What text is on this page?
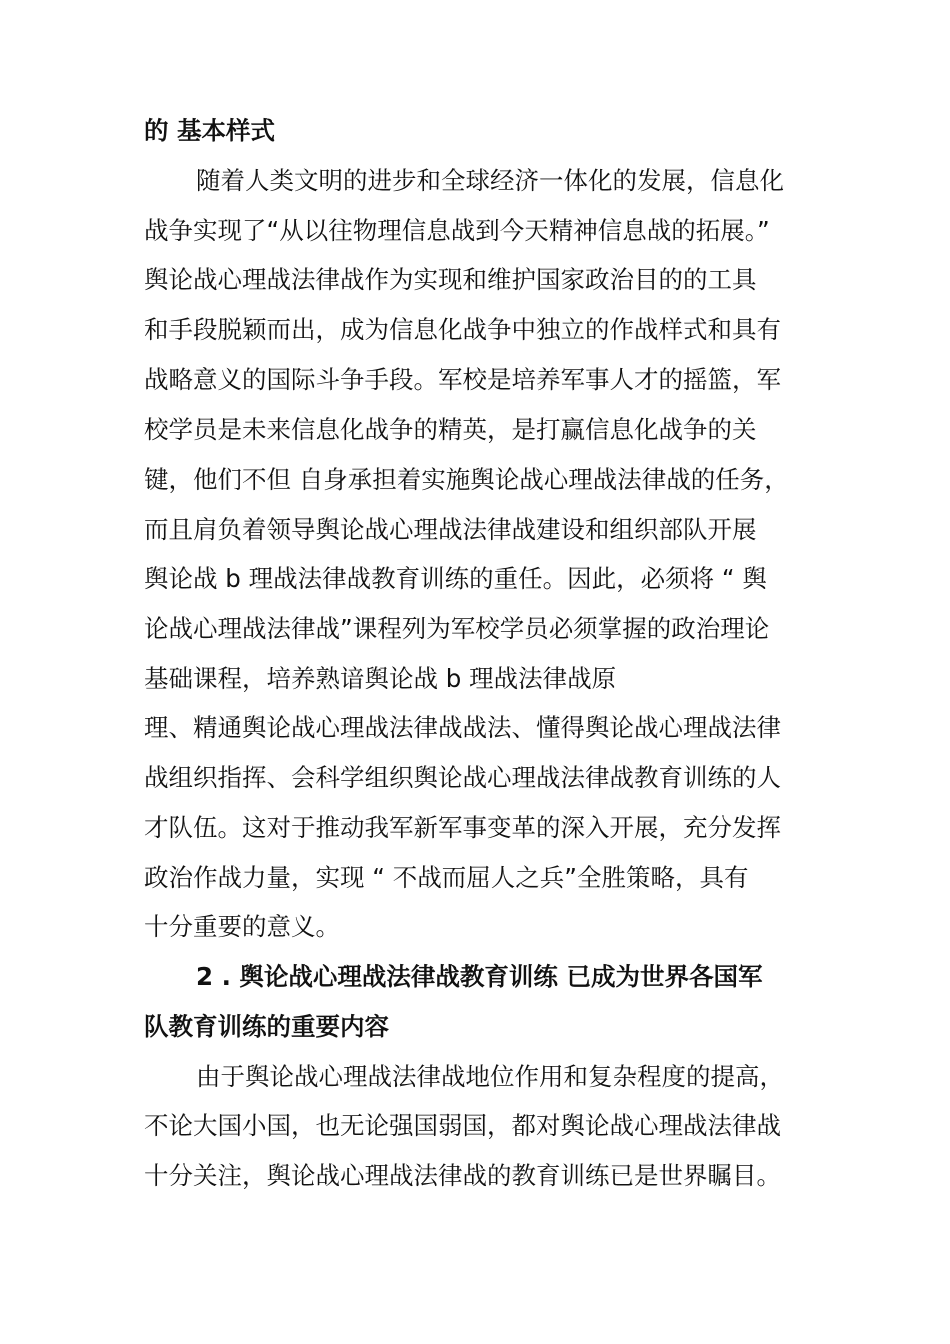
的 基本样式

随着人类文明的进步和全球经济一体化的发展，信息化

战争实现了“从以往物理信息战到今天精神信息战的拓展。”

舆论战心理战法律战作为实现和维护国家政治目的的工具

和手段脱颖而出，成为信息化战争中独立的作战样式和具有

战略意义的国际斗争手段。军校是培养军事人才的摇篮，军

校学员是未来信息化战争的精英，是打赢信息化战争的关

键，他们不但 自身承担着实施舆论战心理战法律战的任务，

而且肩负着领导舆论战心理战法律战建设和组织部队开展

舆论战 b 理战法律战教育训练的重任。因此，必须将 “ 舆

论战心理战法律战”课程列为军校学员必须掌握的政治理论

基础课程，培养熟谙舆论战 b 理战法律战原

理、精通舆论战心理战法律战战法、懂得舆论战心理战法律

战组织指挥、会科学组织舆论战心理战法律战教育训练的人

才队伍。这对于推动我军新军事变革的深入开展，充分发挥

政治作战力量，实现 “ 不战而屈人之兵”全胜策略，具有

十分重要的意义。

2 . 舆论战心理战法律战教育训练 已成为世界各国军

队教育训练的重要内容

由于舆论战心理战法律战地位作用和复杂程度的提高，

不论大国小国，也无论强国弱国，都对舆论战心理战法律战

十分关注，舆论战心理战法律战的教育训练已是世界瞩目。
